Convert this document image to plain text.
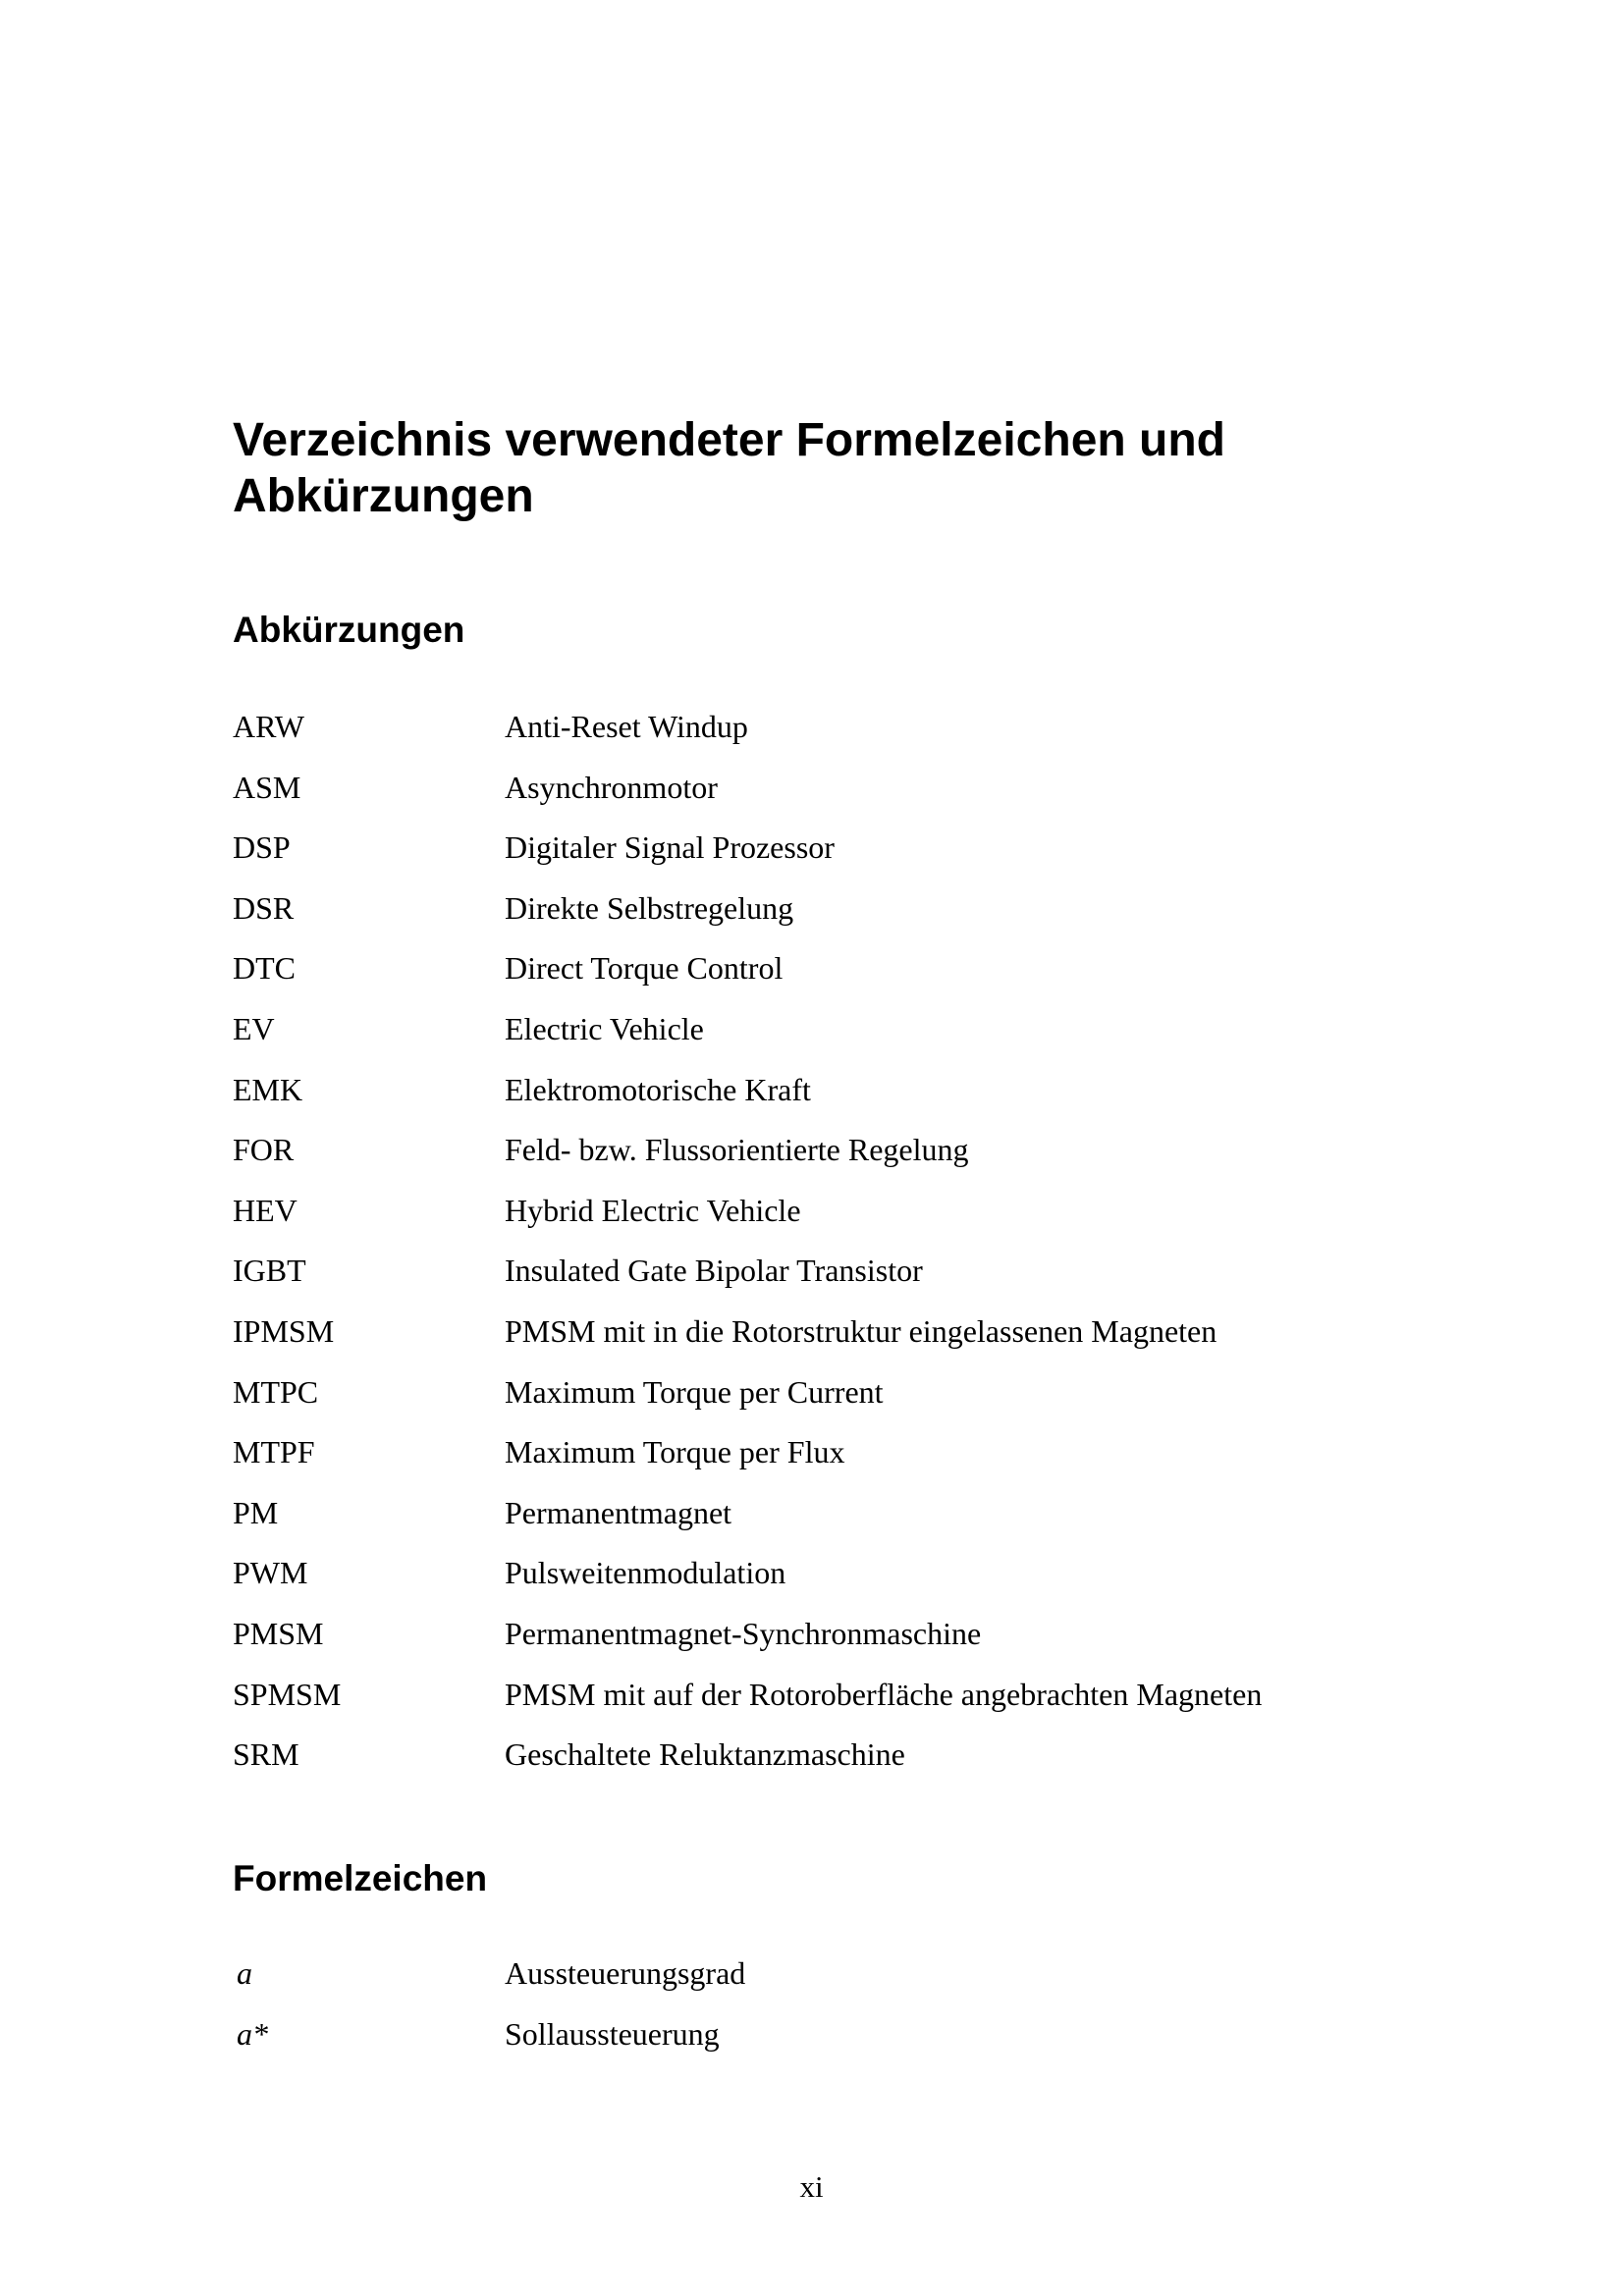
Verzeichnis verwendeter Formelzeichen und Abkürzungen
Abkürzungen
ARW	Anti-Reset Windup
ASM	Asynchronmotor
DSP	Digitaler Signal Prozessor
DSR	Direkte Selbstregelung
DTC	Direct Torque Control
EV	Electric Vehicle
EMK	Elektromotorische Kraft
FOR	Feld- bzw. Flussorientierte Regelung
HEV	Hybrid Electric Vehicle
IGBT	Insulated Gate Bipolar Transistor
IPMSM	PMSM mit in die Rotorstruktur eingelassenen Magneten
MTPC	Maximum Torque per Current
MTPF	Maximum Torque per Flux
PM	Permanentmagnet
PWM	Pulsweitenmodulation
PMSM	Permanentmagnet-Synchronmaschine
SPMSM	PMSM mit auf der Rotoroberfläche angebrachten Magneten
SRM	Geschaltete Reluktanzmaschine
Formelzeichen
a	Aussteuerungsgrad
a*	Sollaussteuerung
xi
